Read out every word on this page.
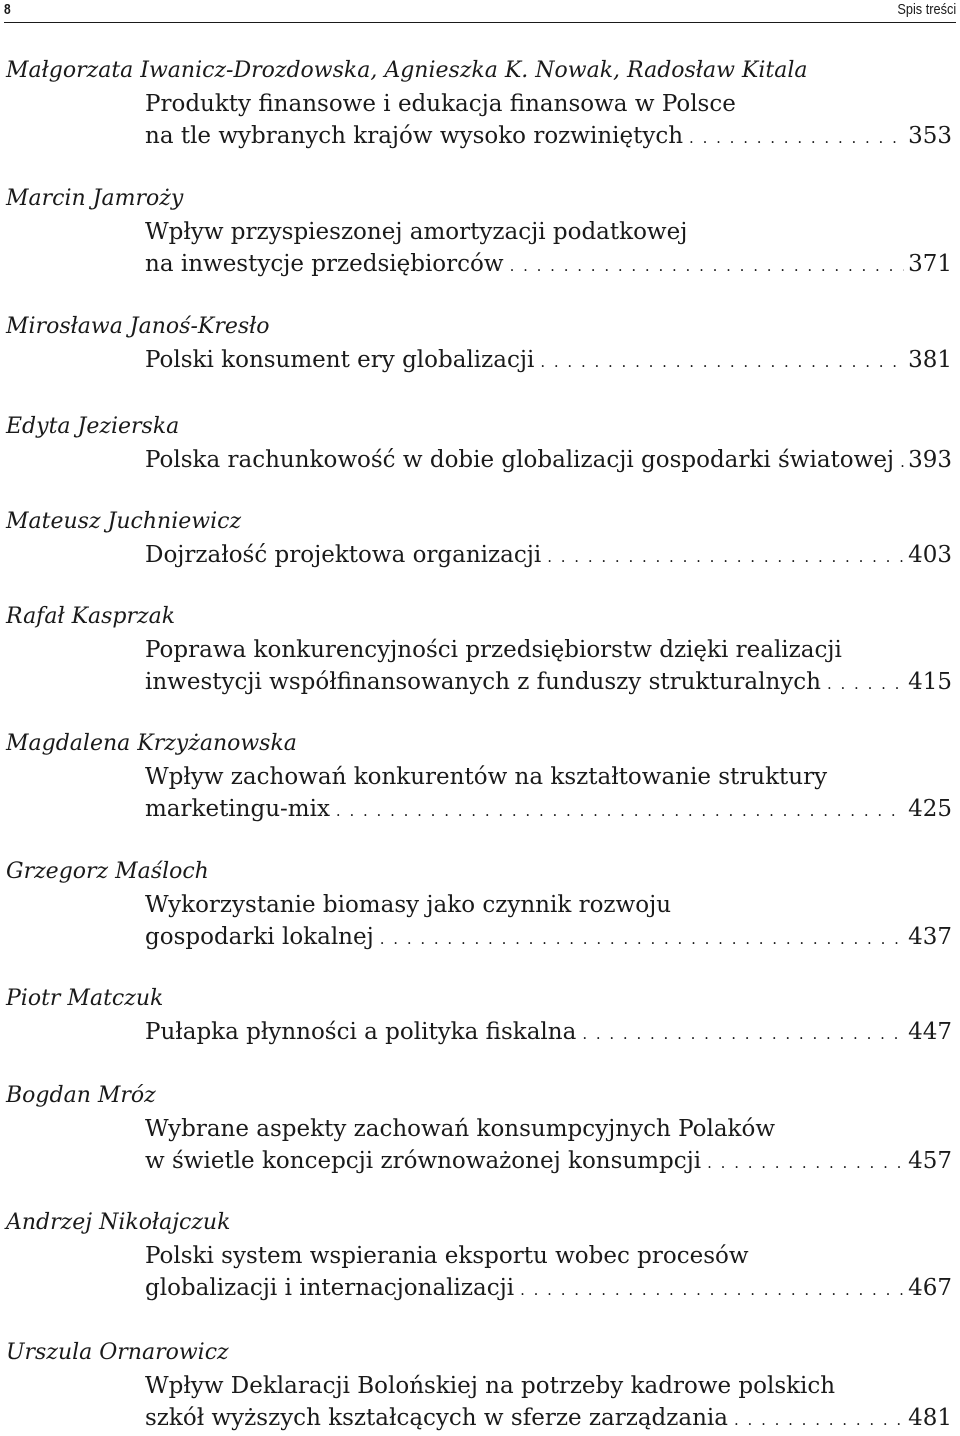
8	Spis treści
Małgorzata Iwanicz-Drozdowska, Agnieszka K. Nowak, Radosław Kitala
Produkty finansowe i edukacja finansowa w Polsce
na tle wybranych krajów wysoko rozwiniętych . . .	353
Marcin Jamroży
Wpływ przyspieszonej amortyzacji podatkowej
na inwestycje przedsiębiorców . . .	371
Mirosława Janoś-Kresło
Polski konsument ery globalizacji . . .	381
Edyta Jezierska
Polska rachunkowość w dobie globalizacji gospodarki światowej . . . 393
Mateusz Juchniewicz
Dojrzałość projektowa organizacji . . .	403
Rafał Kasprzak
Poprawa konkurencyjności przedsiębiorstw dzięki realizacji
inwestycji współfinansowanych z funduszy strukturalnych . . .	415
Magdalena Krzyżanowska
Wpływ zachowań konkurentów na kształtowanie struktury
marketingu-mix . . .	425
Grzegorz Maśloch
Wykorzystanie biomasy jako czynnik rozwoju
gospodarki lokalnej . . .	437
Piotr Matczuk
Pułapka płynności a polityka fiskalna . . .	447
Bogdan Mróz
Wybrane aspekty zachowań konsumpcyjnych Polaków
w świetle koncepcji zrównoważonej konsumpcji . . .	457
Andrzej Nikołajczuk
Polski system wspierania eksportu wobec procesów
globalizacji i internacjonalizacji . . .	467
Urszula Ornarowicz
Wpływ Deklaracji Bolońskiej na potrzeby kadrowe polskich
szkół wyższych kształcących w sferze zarządzania . . .	481
